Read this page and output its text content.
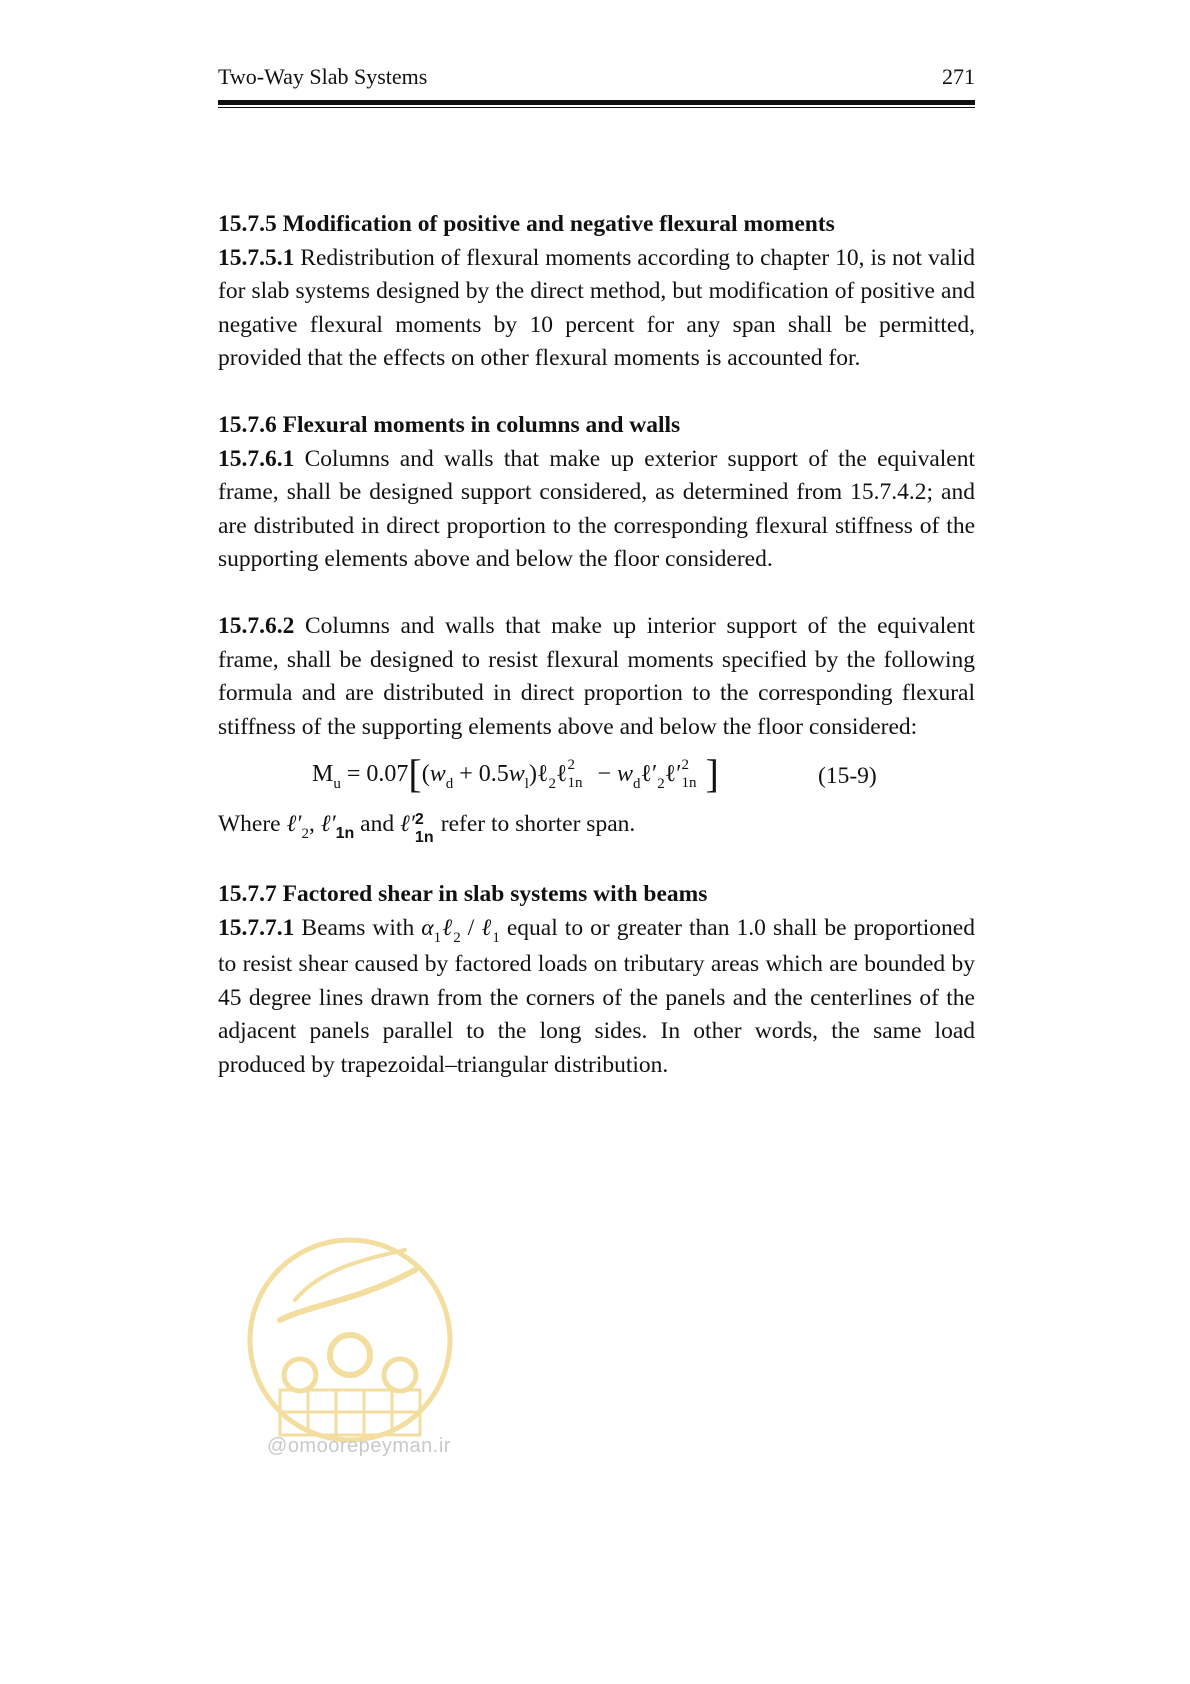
Two-Way Slab Systems	271

15.7.5 Modification of positive and negative flexural moments

15.7.5.1 Redistribution of flexural moments according to chapter 10, is not valid for slab systems designed by the direct method, but modification of positive and negative flexural moments by 10 percent for any span shall be permitted, provided that the effects on other flexural moments is accounted for.

15.7.6 Flexural moments in columns and walls

15.7.6.1 Columns and walls that make up exterior support of the equivalent frame, shall be designed support considered, as determined from 15.7.4.2; and are distributed in direct proportion to the corresponding flexural stiffness of the supporting elements above and below the floor considered.

15.7.6.2 Columns and walls that make up interior support of the equivalent frame, shall be designed to resist flexural moments specified by the following formula and are distributed in direct proportion to the corresponding flexural stiffness of the supporting elements above and below the floor considered:

$M_u = 0.07[(w_d$ + $0.5w_l)\ell_2\ell$ 2
$1n - w_d\ell'_2\ell'$ 2
1n ]	(15-9)

Where $\ell'_2$, $\ell'_{1n}$ and ℓ′ 2
1n
refer to shorter span.

15.7.7 Factored shear in slab systems with beams

15.7.7.1 Beams with $\alpha_1\ell_2$ / ℓ$_1$ equal to or greater than 1.0 shall be proportioned to resist shear caused by factored loads on tributary areas which are bounded by 45 degree lines drawn from the corners of the panels and the centerlines of the adjacent panels parallel to the long sides. In other words, the same load produced by trapezoidal–triangular distribution.

@omoorepeyman.ir
